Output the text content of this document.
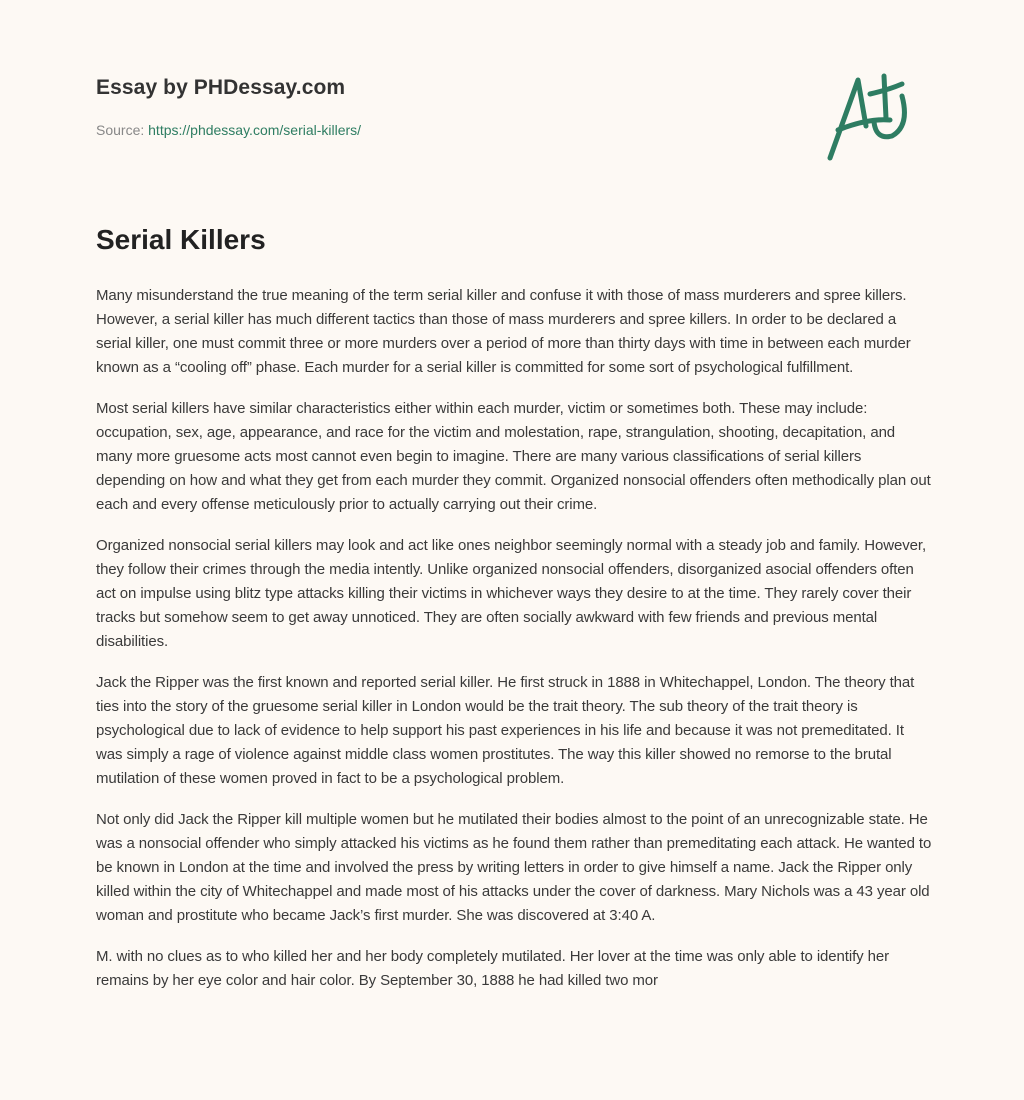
Essay by PHDessay.com
Source: https://phdessay.com/serial-killers/
Serial Killers

Many misunderstand the true meaning of the term serial killer and confuse it with those of mass murderers and spree killers. However, a serial killer has much different tactics than those of mass murderers and spree killers. In order to be declared a serial killer, one must commit three or more murders over a period of more than thirty days with time in between each murder known as a “cooling off” phase. Each murder for a serial killer is committed for some sort of psychological fulfillment.

Most serial killers have similar characteristics either within each murder, victim or sometimes both. These may include: occupation, sex, age, appearance, and race for the victim and molestation, rape, strangulation, shooting, decapitation, and many more gruesome acts most cannot even begin to imagine. There are many various classifications of serial killers depending on how and what they get from each murder they commit. Organized nonsocial offenders often methodically plan out each and every offense meticulously prior to actually carrying out their crime.

Organized nonsocial serial killers may look and act like ones neighbor seemingly normal with a steady job and family. However, they follow their crimes through the media intently. Unlike organized nonsocial offenders, disorganized asocial offenders often act on impulse using blitz type attacks killing their victims in whichever ways they desire to at the time. They rarely cover their tracks but somehow seem to get away unnoticed. They are often socially awkward with few friends and previous mental disabilities.

Jack the Ripper was the first known and reported serial killer. He first struck in 1888 in Whitechappel, London. The theory that ties into the story of the gruesome serial killer in London would be the trait theory. The sub theory of the trait theory is psychological due to lack of evidence to help support his past experiences in his life and because it was not premeditated. It was simply a rage of violence against middle class women prostitutes. The way this killer showed no remorse to the brutal mutilation of these women proved in fact to be a psychological problem.

Not only did Jack the Ripper kill multiple women but he mutilated their bodies almost to the point of an unrecognizable state. He was a nonsocial offender who simply attacked his victims as he found them rather than premeditating each attack. He wanted to be known in London at the time and involved the press by writing letters in order to give himself a name. Jack the Ripper only killed within the city of Whitechappel and made most of his attacks under the cover of darkness. Mary Nichols was a 43 year old woman and prostitute who became Jack’s first murder. She was discovered at 3:40 A.

M. with no clues as to who killed her and her body completely mutilated. Her lover at the time was only able to identify her remains by her eye color and hair color. By September 30, 1888 he had killed two mor
